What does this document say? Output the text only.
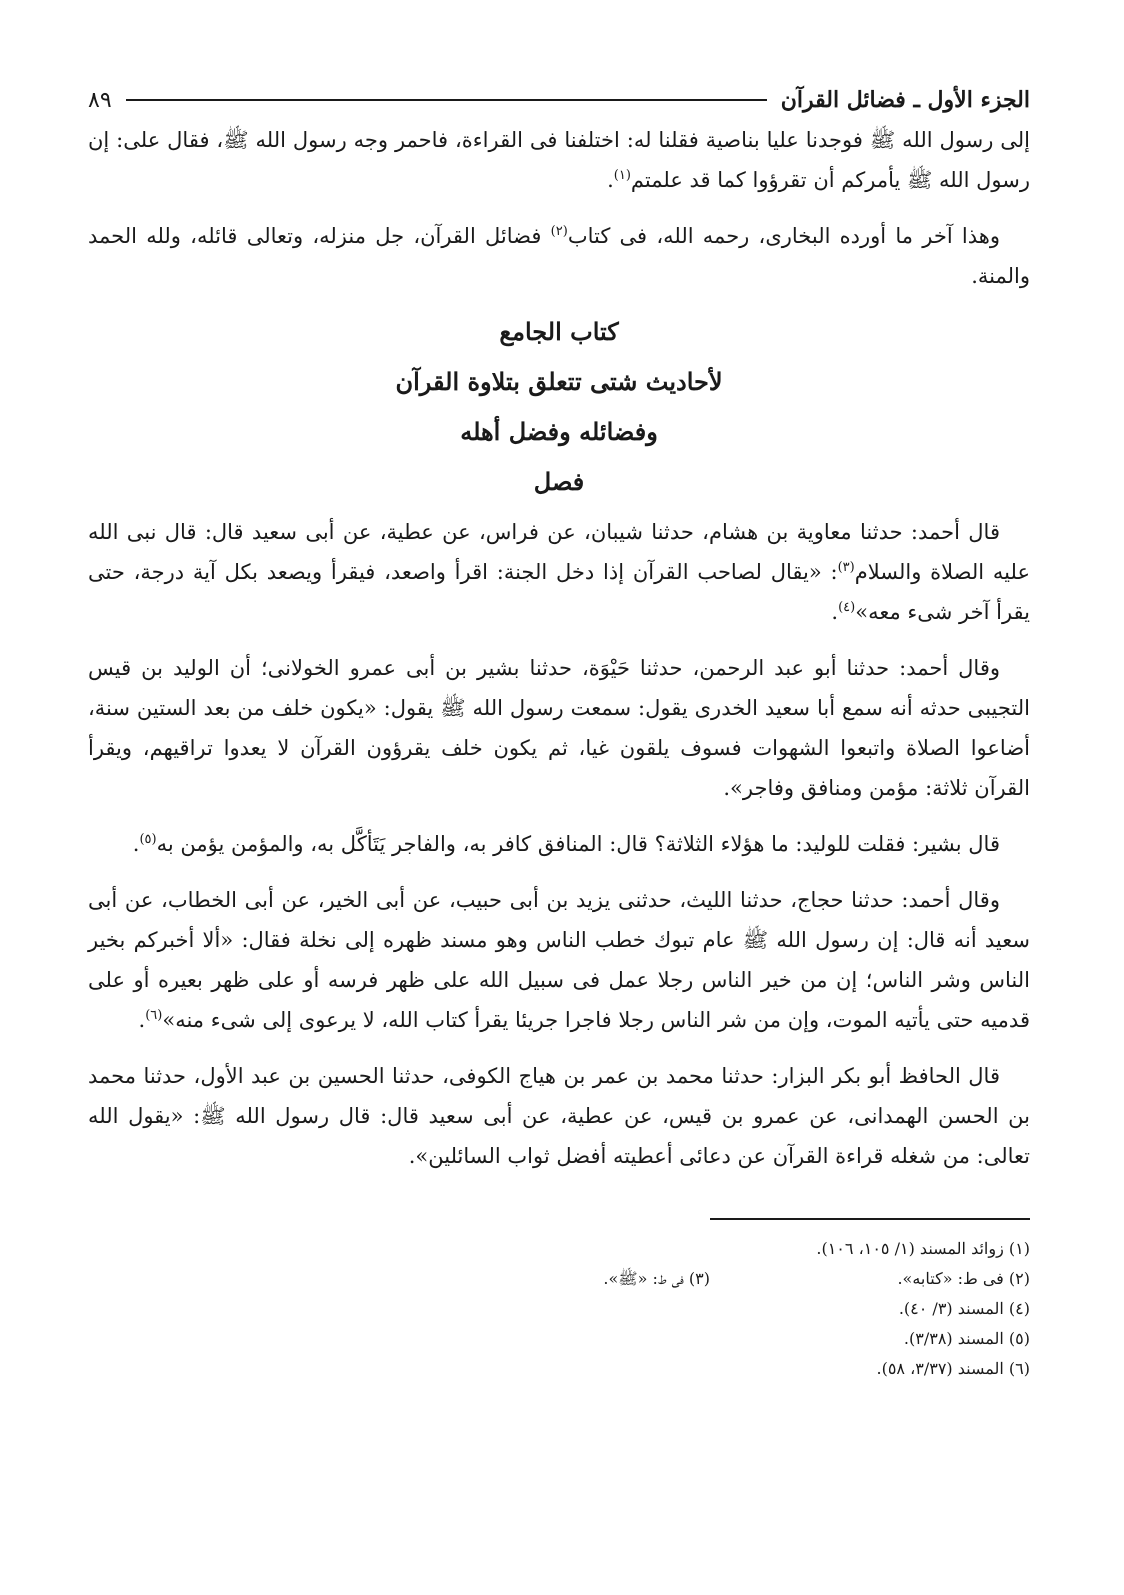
الجزء الأول ـ فضائل القرآن
٨٩

إلى رسول الله ﷺ فوجدنا عليا بناصية فقلنا له: اختلفنا فى القراءة، فاحمر وجه رسول الله ﷺ، فقال على: إن رسول الله ﷺ يأمركم أن تقرؤوا كما قد علمتم$^{(١)}$.

وهذا آخر ما أورده البخارى، رحمه الله، فى كتاب$^{(٢)}$ فضائل القرآن، جل منزله، وتعالى قائله، ولله الحمد والمنة.

كتاب الجامع
لأحاديث شتى تتعلق بتلاوة القرآن
وفضائله وفضل أهله
فصل

قال أحمد: حدثنا معاوية بن هشام، حدثنا شيبان، عن فراس، عن عطية، عن أبى سعيد قال: قال نبى الله عليه الصلاة والسلام$^{(٣)}$: «يقال لصاحب القرآن إذا دخل الجنة: اقرأ واصعد، فيقرأ ويصعد بكل آية درجة، حتى يقرأ آخر شىء معه»$^{(٤)}$.

وقال أحمد: حدثنا أبو عبد الرحمن، حدثنا حَيْوَة، حدثنا بشير بن أبى عمرو الخولانى؛ أن الوليد بن قيس التجيبى حدثه أنه سمع أبا سعيد الخدرى يقول: سمعت رسول الله ﷺ يقول: «يكون خلف من بعد الستين سنة، أضاعوا الصلاة واتبعوا الشهوات فسوف يلقون غيا، ثم يكون خلف يقرؤون القرآن لا يعدوا تراقيهم، ويقرأ القرآن ثلاثة: مؤمن ومنافق وفاجر».

قال بشير: فقلت للوليد: ما هؤلاء الثلاثة؟ قال: المنافق كافر به، والفاجر يَتَأكَّل به، والمؤمن يؤمن به$^{(٥)}$.

وقال أحمد: حدثنا حجاج، حدثنا الليث، حدثنى يزيد بن أبى حبيب، عن أبى الخير، عن أبى الخطاب، عن أبى سعيد أنه قال: إن رسول الله ﷺ عام تبوك خطب الناس وهو مسند ظهره إلى نخلة فقال: «ألا أخبركم بخير الناس وشر الناس؛ إن من خير الناس رجلا عمل فى سبيل الله على ظهر فرسه أو على ظهر بعيره أو على قدميه حتى يأتيه الموت، وإن من شر الناس رجلا فاجرا جريئا يقرأ كتاب الله، لا يرعوى إلى شىء منه»$^{(٦)}$.

قال الحافظ أبو بكر البزار: حدثنا محمد بن عمر بن هياج الكوفى، حدثنا الحسين بن عبد الأول، حدثنا محمد بن الحسن الهمدانى، عن عمرو بن قيس، عن عطية، عن أبى سعيد قال: قال رسول الله ﷺ: «يقول الله تعالى: من شغله قراءة القرآن عن دعائى أعطيته أفضل ثواب السائلين».

(١) زوائد المسند (١/ ١٠٥، ١٠٦).
(٢) فى ط: «كتابه».
(٣) فى ط: «ﷺ».
(٤) المسند (٣/ ٤٠).
(٥) المسند (٣/٣٨).
(٦) المسند (٣/٣٧، ٥٨).
